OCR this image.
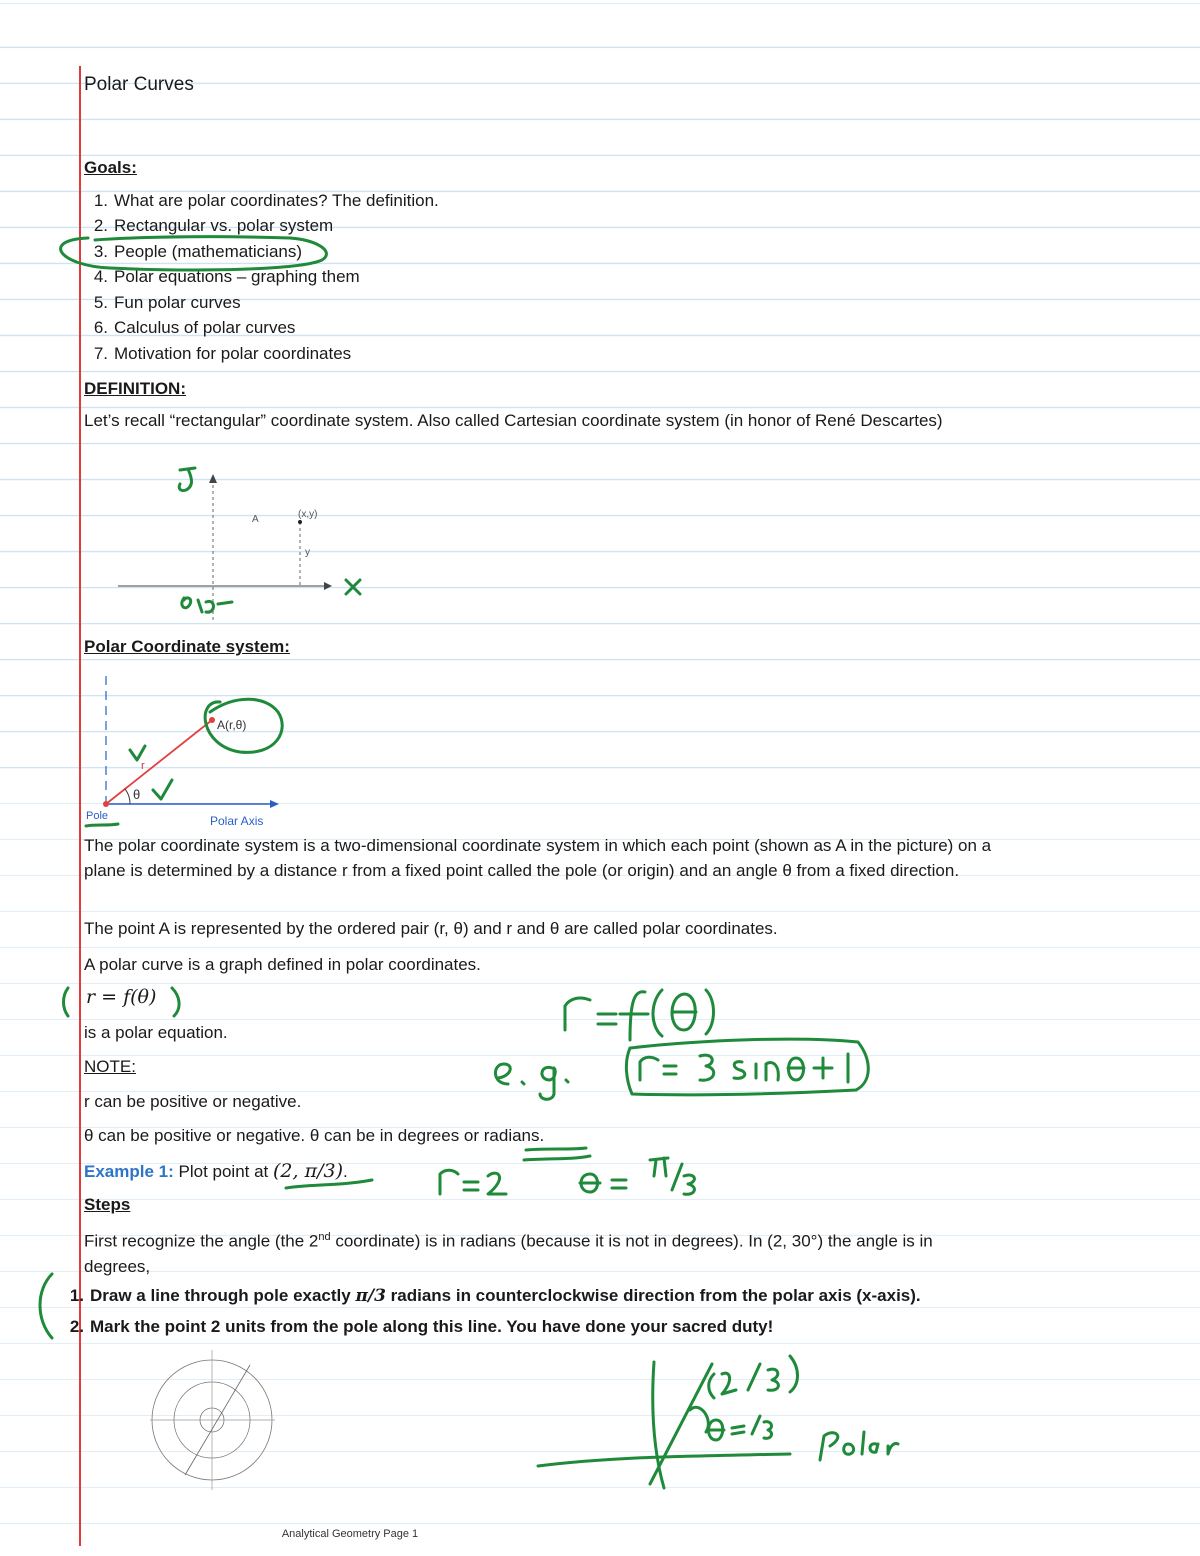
Polar Curves
Goals:
1. What are polar coordinates? The definition.
2. Rectangular vs. polar system
3. People (mathematicians)
4. Polar equations – graphing them
5. Fun polar curves
6. Calculus of polar curves
7. Motivation for polar coordinates
DEFINITION:
Let’s recall “rectangular” coordinate system. Also called Cartesian coordinate system (in honor of René Descartes)
(x,y)
A
y
Polar Coordinate system:
A(r,θ)
r
θ
Pole	Polar Axis
The polar coordinate system is a two-dimensional coordinate system in which each point (shown as A in the picture) on a plane is determined by a distance r from a fixed point called the pole (or origin) and an angle θ from a fixed direction.
The point A is represented by the ordered pair (r, θ) and r and θ are called polar coordinates.
A polar curve is a graph defined in polar coordinates.
r = f(θ)
is a polar equation.
NOTE:
r can be positive or negative.
θ can be positive or negative. θ can be in degrees or radians.
Example 1: Plot point at (2, π/3).
Steps
First recognize the angle (the 2nd coordinate) is in radians (because it is not in degrees). In (2, 30°) the angle is in degrees,
1. Draw a line through pole exactly π/3 radians in counterclockwise direction from the polar axis (x-axis).
2. Mark the point 2 units from the pole along this line. You have done your sacred duty!
Analytical Geometry Page 1
